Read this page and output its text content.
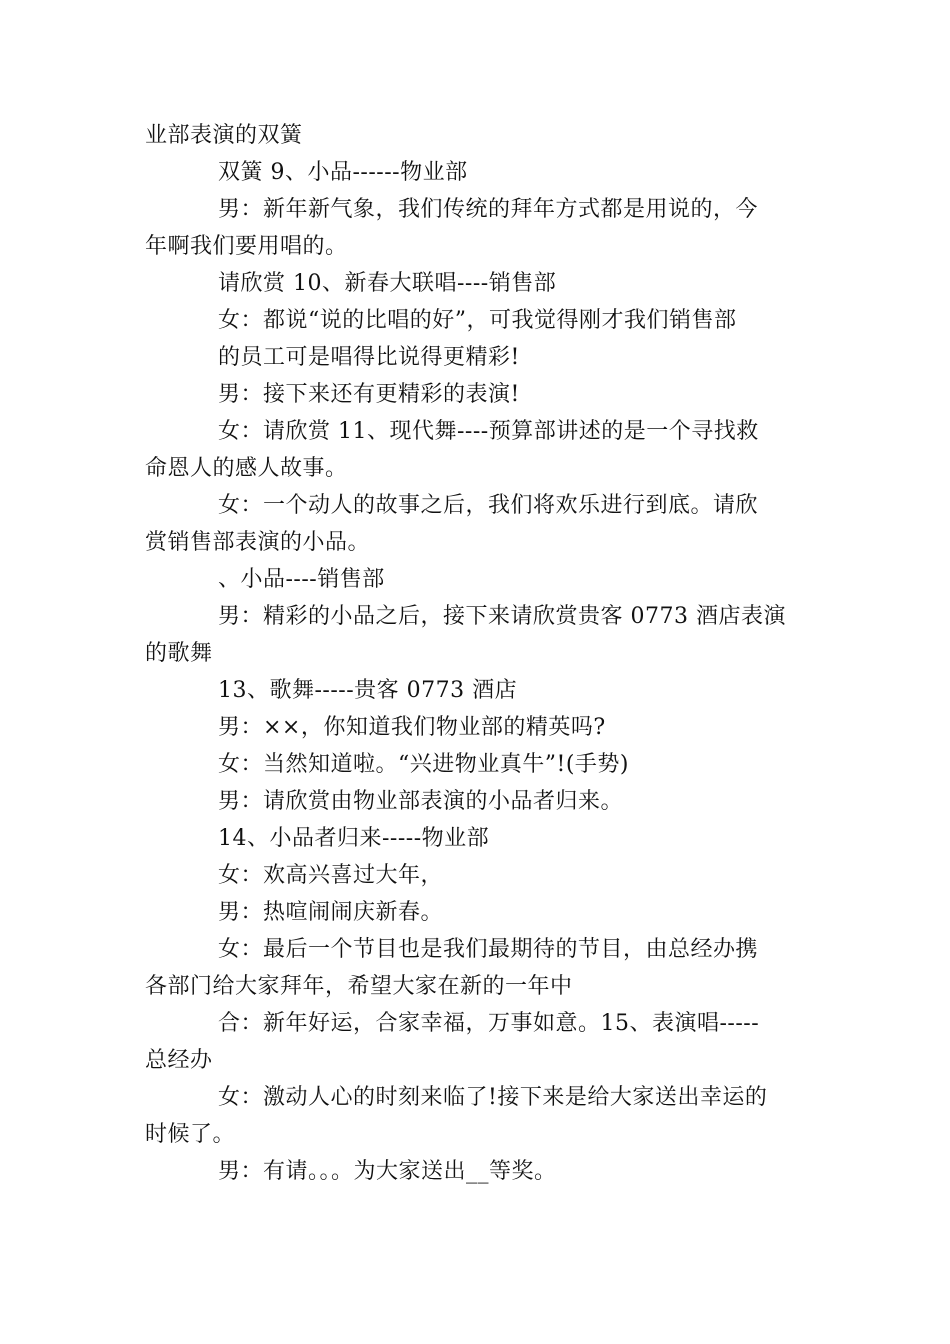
业部表演的双簧
双簧 9、小品------物业部
男：新年新气象，我们传统的拜年方式都是用说的，今
年啊我们要用唱的。
请欣赏 10、新春大联唱----销售部
女：都说“说的比唱的好”，可我觉得刚才我们销售部
的员工可是唱得比说得更精彩!
男：接下来还有更精彩的表演!
女：请欣赏 11、现代舞----预算部讲述的是一个寻找救
命恩人的感人故事。
女：一个动人的故事之后，我们将欢乐进行到底。请欣
赏销售部表演的小品。
、小品----销售部
男：精彩的小品之后，接下来请欣赏贵客 0773 酒店表演
的歌舞
13、歌舞-----贵客 0773 酒店
男：××，你知道我们物业部的精英吗?
女：当然知道啦。“兴进物业真牛”!(手势)
男：请欣赏由物业部表演的小品者归来。
14、小品者归来-----物业部
女：欢高兴喜过大年，
男：热喧闹闹庆新春。
女：最后一个节目也是我们最期待的节目，由总经办携
各部门给大家拜年，希望大家在新的一年中
合：新年好运，合家幸福，万事如意。15、表演唱-----
总经办
女：激动人心的时刻来临了!接下来是给大家送出幸运的
时候了。
男：有请。。。为大家送出__等奖。
